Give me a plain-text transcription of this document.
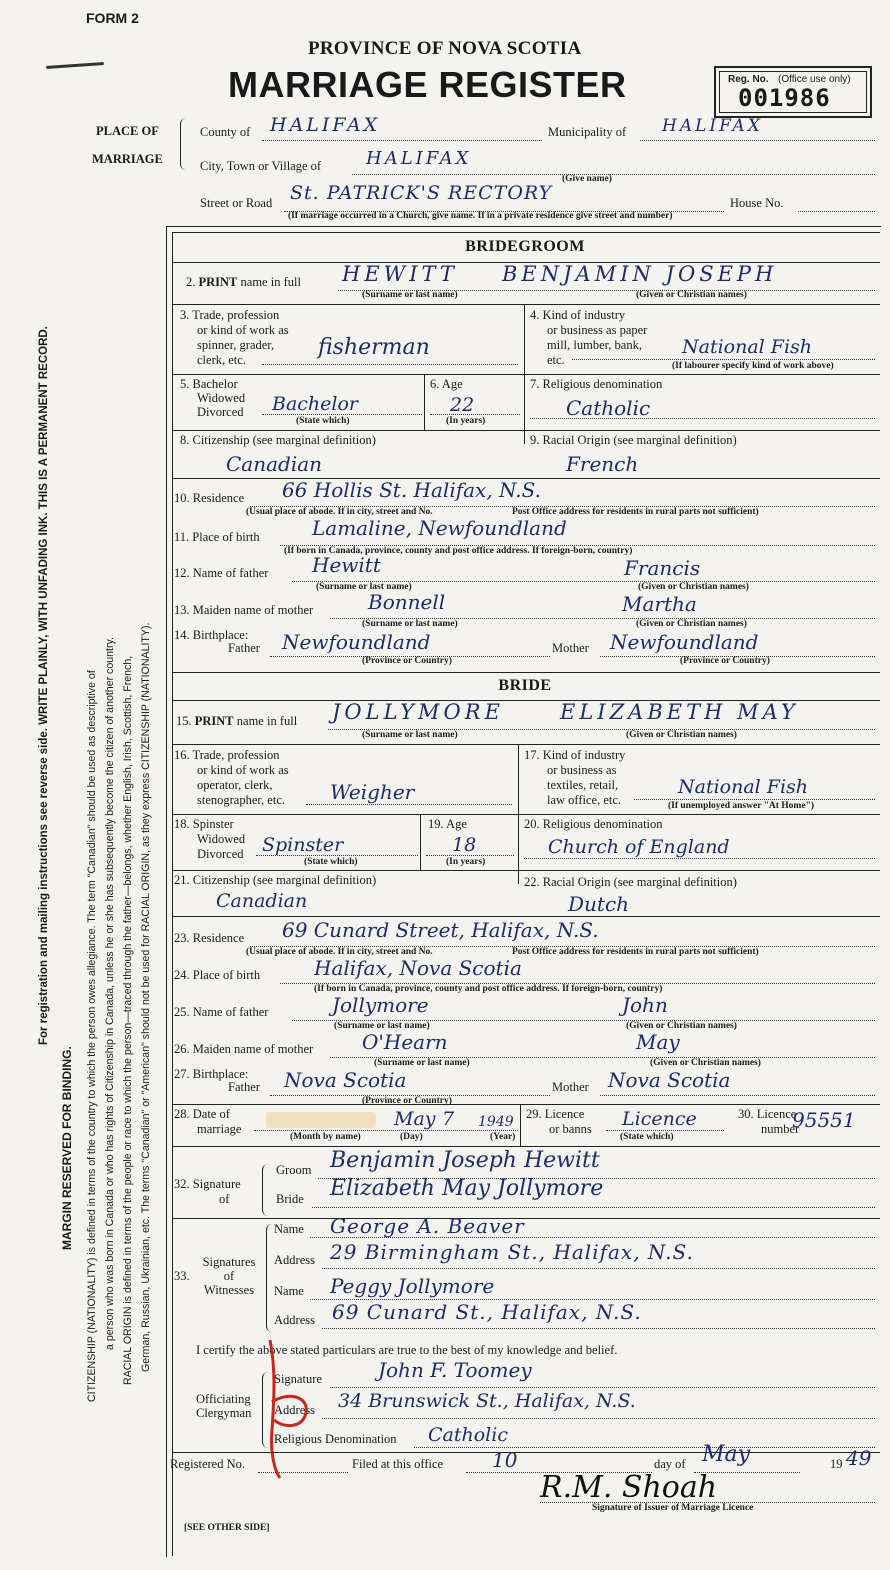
FORM 2
PROVINCE OF NOVA SCOTIA
MARRIAGE REGISTER	Reg. No. (Office use only)
001986
MARGIN RESERVED FOR BINDING.
For registration and mailing instructions see reverse side. WRITE PLAINLY, WITH UNFADING INK. THIS IS A PERMANENT RECORD.
CITIZENSHIP (NATIONALITY) is defined in terms of the country to which the person owes allegiance. The term "Canadian" should be used as descriptive of a person who was born in Canada or who has rights of Citizenship in Canada, unless he or she has subsequently become the citizen of another country. RACIAL ORIGIN is defined in terms of the people or race to which the person—traced through the father—belongs, whether English, Irish, Scottish, French, German, Russian, Ukrainian, etc. The terms "Canadian" or "American" should not be used for RACIAL ORIGIN, as they express CITIZENSHIP (NATIONALITY).
PLACE OF
MARRIAGE
County of HALIFAX	Municipality of HALIFAX
City, Town or Village of HALIFAX
(Give name)
Street or Road St. PATRICK'S RECTORY	House No.
(If marriage occurred in a Church, give name. If in a private residence give street and number)
BRIDEGROOM
2. PRINT name in full HEWITT BENJAMIN JOSEPH
(Surname or last name)	(Given or Christian names)
3. Trade, profession
or kind of work as
spinner, grader,
clerk, etc.	fisherman
4. Kind of industry
or business as paper
mill, lumber, bank,
etc.
National Fish
(If labourer specify kind of work above)
5. Bachelor
Widowed
Divorced Bachelor
(State which)
6. Age
22
(In years)
7. Religious denomination
Catholic
8. Citizenship (see marginal definition)
Canadian
9. Racial Origin (see marginal definition)
French
10. Residence 66 Hollis St. Halifax, N.S.
(Usual place of abode. If in city, street and No.	Post Office address for residents in rural parts not sufficient)
11. Place of birth	Lamaline, Newfoundland
(If born in Canada, province, county and post office address. If foreign-born, country)
12. Name of father Hewitt	Francis
(Surname or last name)	(Given or Christian names)
13. Maiden name of mother	Bonnell	Martha
(Surname or last name)	(Given or Christian names)
14. Birthplace:
Father Newfoundland
(Province or Country)
Mother Newfoundland
(Province or Country)
BRIDE
15. PRINT name in full JOLLYMORE	ELIZABETH MAY
(Surname or last name)	(Given or Christian names)
16. Trade, profession
or kind of work as
operator, clerk,
stenographer, etc. Weigher
17. Kind of industry
or business as
textiles, retail,
law office, etc.
National Fish
(If unemployed answer "At Home")
18. Spinster
Widowed
Divorced Spinster
(State which)
19. Age
18
(In years)
20. Religious denomination
Church of England
21. Citizenship (see marginal definition)
Canadian
22. Racial Origin (see marginal definition)
Dutch
23. Residence 69 Cunard Street, Halifax, N.S.
(Usual place of abode. If in city, street and No.	Post Office address for residents in rural parts not sufficient)
24. Place of birth	Halifax, Nova Scotia
(If born in Canada, province, county and post office address. If foreign-born, country)
25. Name of father	Jollymore	John
(Surname or last name)	(Given or Christian names)
26. Maiden name of mother O'Hearn	May
(Surname or last name)	(Given or Christian names)
27. Birthplace:
Father Nova Scotia
(Province or Country)
Mother Nova Scotia
28. Date of
marriage	May 7 1949
(Month by name)	(Day)	(Year)
29. Licence
or banns Licence
(State which)
30. Licence
number
95551
32. Signature
of
Groom Benjamin Joseph Hewitt
Bride Elizabeth May Jollymore
33.
Signatures
of
Witnesses
Name George A. Beaver
Address 29 Birmingham St., Halifax, N.S.
Name Peggy Jollymore
Address 69 Cunard St., Halifax, N.S.
I certify the above stated particulars are true to the best of my knowledge and belief.
Signature	John F. Toomey
Officiating
Clergyman Address 34 Brunswick St., Halifax, N.S.
Religious Denomination Catholic
Registered No.	Filed at this office 10	day of May	19 49
R.M. Shoah
Signature of Issuer of Marriage Licence
[SEE OTHER SIDE]
